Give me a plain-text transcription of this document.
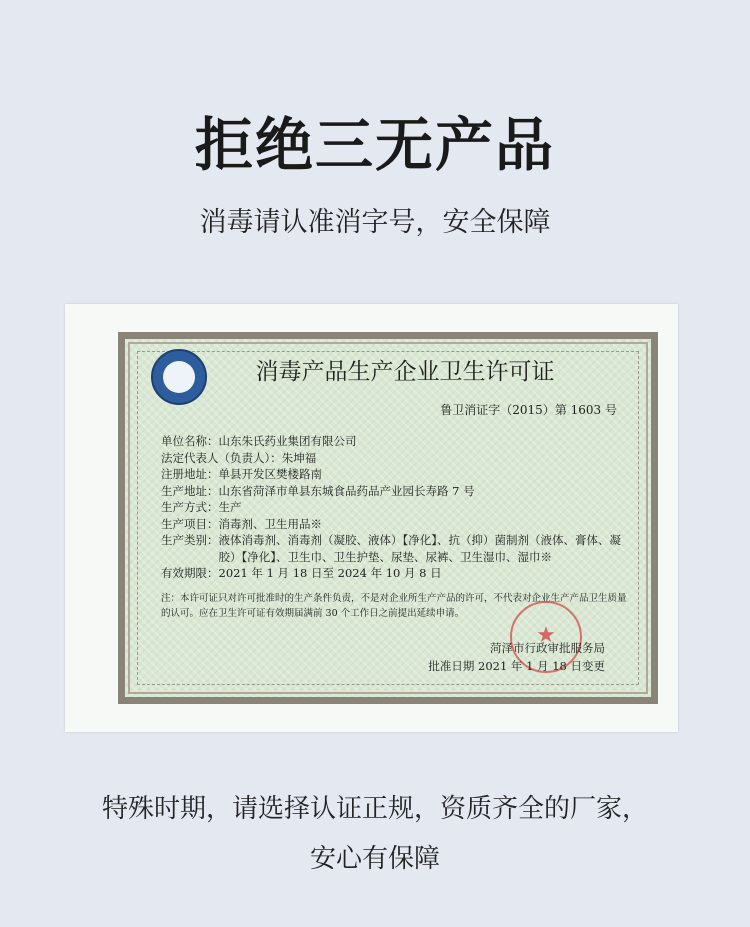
拒绝三无产品
消毒请认准消字号，安全保障
消毒产品生产企业卫生许可证
鲁卫消证字（2015）第 1603 号
单位名称： 山东朱氏药业集团有限公司
法定代表人（负责人）： 朱坤福
注册地址： 单县开发区樊楼路南
生产地址： 山东省菏泽市单县东城食品药品产业园长寿路 7 号
生产方式： 生产
生产项目： 消毒剂、卫生用品※
生产类别： 液体消毒剂、消毒剂（凝胶、液体）【净化】、抗（抑）菌制剂（液体、膏体、凝胶）【净化】、卫生巾、卫生护垫、尿垫、尿裤、卫生湿巾、湿巾※
有效期限： 2021 年 1 月 18 日至 2024 年 10 月 8 日
注：本许可证只对许可批准时的生产条件负责，不是对企业所生产产品的许可，不代表对企业生产产品卫生质量的认可。应在卫生许可证有效期届满前 30 个工作日之前提出延续申请。
★
菏泽市行政审批服务局
批准日期 2021 年 1 月 18 日变更
特殊时期，请选择认证正规，资质齐全的厂家，
安心有保障
